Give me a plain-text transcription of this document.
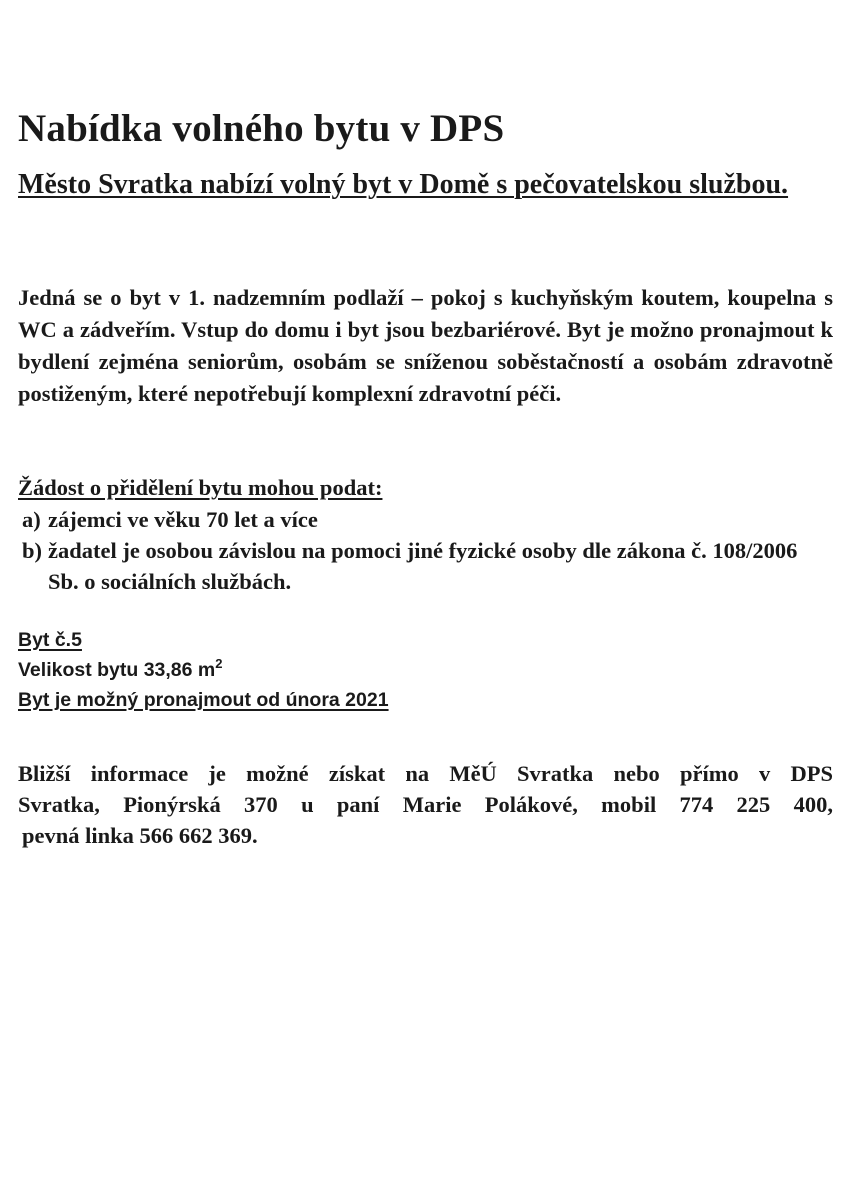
Nabídka volného bytu v DPS
Město Svratka nabízí volný byt v Domě s pečovatelskou službou.

Jedná se o byt v 1. nadzemním podlaží – pokoj s kuchyňským koutem, koupelna s WC a zádveřím. Vstup do domu i byt jsou bezbariérové. Byt je možno pronajmout k bydlení zejména seniorům, osobám se sníženou soběstačností a osobám zdravotně postiženým, které nepotřebují komplexní zdravotní péči.

Žádost o přidělení bytu mohou podat:
a) zájemci ve věku 70 let a více
b) žadatel je osobou závislou na pomoci jiné fyzické osoby dle zákona č. 108/2006 Sb. o sociálních službách.
Byt č.5
Velikost bytu 33,86 $m^2$
Byt je možný pronajmout od února 2021

Bližší informace je možné získat na MěÚ Svratka nebo přímo v DPS
Svratka, Pionýrská 370 u paní Marie Polákové, mobil 774 225 400,
pevná linka 566 662 369.
